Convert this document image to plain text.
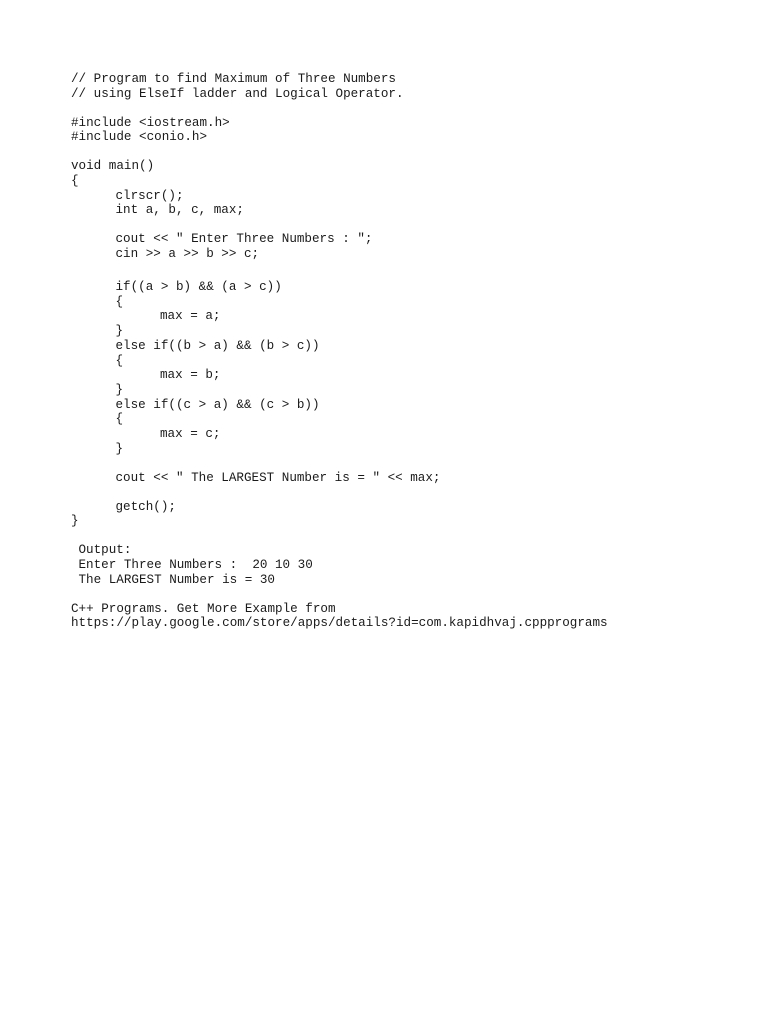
// Program to find Maximum of Three Numbers
// using ElseIf ladder and Logical Operator.
#include <iostream.h>
#include <conio.h>
void main()
{
clrscr();
int a, b, c, max;
cout << " Enter Three Numbers : ";
cin >> a >> b >> c;
if((a > b) && (a > c))
{
max = a;
}
else if((b > a) && (b > c))
{
max = b;
}
else if((c > a) && (c > b))
{
max = c;
}
cout << " The LARGEST Number is = " << max;
getch();
}
Output:
Enter Three Numbers :  20 10 30
The LARGEST Number is = 30
C++ Programs. Get More Example from
https://play.google.com/store/apps/details?id=com.kapidhvaj.cppprograms
